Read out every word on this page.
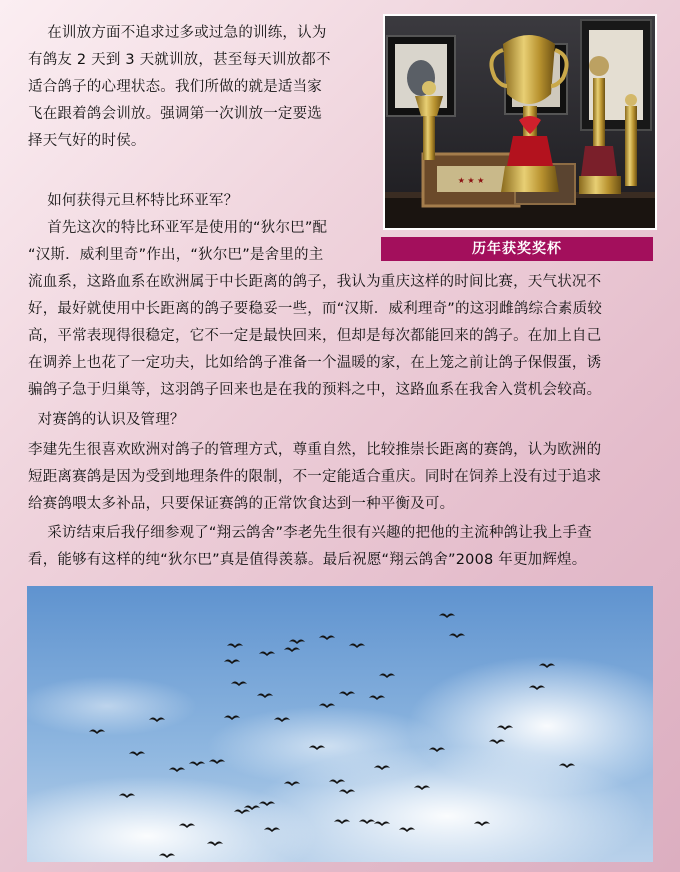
在训放方面不追求过多或过急的训练，认为

有鸽友 2 天到 3 天就训放，甚至每天训放都不

适合鸽子的心理状态。我们所做的就是适当家

飞在跟着鸽会训放。强调第一次训放一定要选

择天气好的时侯。

如何获得元旦杯特比环亚军？

首先这次的特比环亚军是使用的“狄尔巴”配

“汉斯．威利里奇”作出，“狄尔巴”是舍里的主

流血系，这路血系在欧洲属于中长距离的鸽子，我认为重庆这样的时间比赛，天气状况不

好，最好就使用中长距离的鸽子要稳妥一些，而“汉斯．威利理奇”的这羽雌鸽综合素质较

高，平常表现得很稳定，它不一定是最快回来，但却是每次都能回来的鸽子。在加上自己

在调养上也花了一定功夫，比如给鸽子准备一个温暖的家，在上笼之前让鸽子保假蛋，诱

骗鸽子急于归巢等，这羽鸽子回来也是在我的预料之中，这路血系在我舍入赏机会较高。

对赛鸽的认识及管理？

李建先生很喜欢欧洲对鸽子的管理方式，尊重自然，比较推崇长距离的赛鸽，认为欧洲的

短距离赛鸽是因为受到地理条件的限制，不一定能适合重庆。同时在饲养上没有过于追求

给赛鸽喂太多补品，只要保证赛鸽的正常饮食达到一种平衡及可。

采访结束后我仔细参观了“翔云鸽舍”李老先生很有兴趣的把他的主流种鸽让我上手查

看，能够有这样的纯“狄尔巴”真是值得羡慕。最后祝愿“翔云鸽舍”2008 年更加辉煌。

★ ★ ★
历年获奖奖杯
